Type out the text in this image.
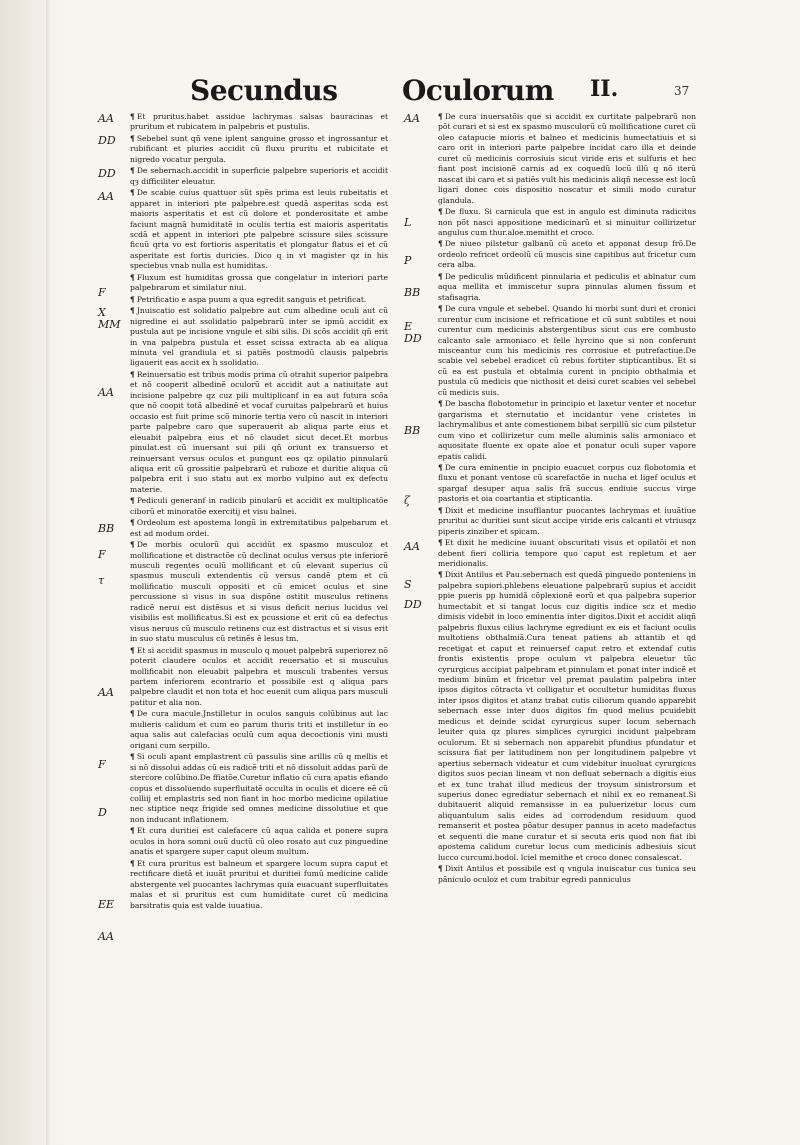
Secundus Oculorum II.	37
AA
DD
DD
AA
F
X
MM
AA
BB
F
τ
AA
F
D
EE
AA
AA
L
P
BB
E
DD
BB
ζ
AA
S
DD

¶ Et pruritus.habet assidue lachrymas salsas bauracinas et pruritum et rubicatem in palpebris et pustulis.

¶ Sebebel sunt qñ vene iplent sanguine grosso et ingrossantur et rubificant et pluries accidit cũ fluxu pruritu et rubicitate et nigredo vocatur pergula.

¶ De sebernach.accidit in superficie palpebre superioris et accidit qȝ difficiliter eleuatur.

¶ De scabie cuius quattuor sũt spẽs prima est leuis rubeitatis et apparet in interiori pte palpebre.est quedã asperitas scda est maioris asperitatis et est cũ dolore et ponderositate et ambe faciunt magnã humiditatẽ in oculis tertia est maioris asperitatis scdã et appent in interiori pte palpebre scissure siles scissure ficuũ qrta vo est fortioris asperitatis et plongatur flatus ei et cũ asperitate est fortis duricies. Dico q in vt magister qz in his speciebus vnab nulla est humiditas.

¶ Fluxum est humiditas grossa que congelatur in interiori parte palpebrarum et similatur niui.

¶ Petrificatio e aspa puum a qua egredit sanguis et petrificat.

¶ Jnuiscatio est solidatio palpebre aut cum albedine oculi aut cũ nigredine ei aut ssolidatio palpebrarũ inter se ipmũ accidit ex pustula aut pe incisione vngule et sibi silis. Di scõs accidit qñ erit in vna palpebra pustula et esset scissa extracta ab ea aliqua minuta vel grandiula et si patiẽs postmodũ clausis palpebris ligauerit eas accit ex h ssolidatio.

¶ Reinuersatio est tribus modis prima cũ otrahit superior palpebra et nõ cooperit albedinẽ oculorũ et accidit aut a natiuitate aut incisione palpebre qz cuz pili multiplicanf in ea aut futura scõa que nõ coopit totã albedinẽ et vocaf curuitas palpebrarũ et huius occasio est fuit prime scõ minorie tertia vero cũ nascit in interiori parte palpebre caro que superauerit ab aliqua parte eius et eleuabit palpebra eius et nõ claudet sicut decet.Et morbus pinulat.est cũ inuersant sui pili qñ oriunt ex transuerso et reinuersant versus oculos et pungunt eos qz opilatio pinnularũ aliqua erit cũ grossitie palpebrarũ et ruboze et duritie aliqua cũ palpebra erit i suo statu aut ex morbo vulpino aut ex defectu materie.

¶ Pediculi generanf in radicib pinularũ et accidit ex multiplicatõe ciborũ et minoratõe exercitij et visu balnei.

¶ Ordeolum est apostema longũ in extremitatibus palpebarum et est ad modum ordei.

¶ De morbis oculorũ qui accidũt ex spasmo musculoz et mollificatione et distractõe cũ declinat oculus versus pte inferiorẽ musculi regentes oculũ mollificant et cũ elevant superius cũ spasmus musculi extendentis cũ versus candẽ ptem et cũ mollificatio musculi oppositi et cũ emicet oculus et sine percussione si visus in sua dispõne ostitit musculus retinens radicẽ nerui est distẽsus et si visus deficit nerius lucidus vel visibilis est mollificatus.Si est ex pcussione et erit cũ ea defectus visus neruus cũ musculo retinens cuz est distractus et si visus erit in suo statu musculus cũ retinẽs ẽ lesus tm.

¶ Et si accidit spasmus in musculo q mouet palpebrã superiorez nõ poterit claudere oculos et accidit reuersatio et si musculus mollificabit non eleuabit palpebra et musculi trabentes versus partem inferiorem econtrario et possibile est q aliqua pars palpebre claudit et non tota et hoc euenit cum aliqua pars musculi patitur et alia non.

¶ De cura macule.Jnstilletur in oculos sanguis colũbinus aut lac mulieris calidum et cum eo parum thuris triti et instilletur in eo aqua salis aut calefacias oculũ cum aqua decoctionis vini musti origani cum serpillo.

¶ Si oculi apant emplastrent cũ passulis sine arillis cũ q mellis et si nõ dissolui addas cũ eis radicẽ triti et nõ dissoluit addas parũ de stercore colũbino.De ffiatõe.Curetur inflatio cũ cura apatis efiando copus et dissoluendo superfluitatẽ occulta in oculis et dicere eẽ cũ colliij et emplastris sed non fiant in hoc morbo medicine opilatiue nec stiptice neqz frigide sed omnes medicine dissolutiue et que non inducant inflationem.

¶ Et cura duritiei est calefacere cũ aqua calida et ponere supra oculos in hora somni ouũ ductũ cũ oleo rosato aut cuz pinguedine anatis et spargere super caput oleum multum.

¶ Et cura pruritus est balneum et spargere locum supra caput et rectificare dietã et iuuãt pruritui et duritiei fumũ medicine calide abstergente vel puocantes lachrymas quia euacuant superfluitates malas et si pruritus est cum humiditate curet cũ medicina barsitratis quia est valde iuuatiua.

¶ De cura inuersatõis que si accidit ex curtitate palpebrarũ non põt curari et si est ex spasmo musculorũ cũ mollificatione curet cũ oleo catapucie mioris et balneo et medicinis humectatiuis et si caro orit in interiori parte palpebre incidat caro illa et deinde curet cũ medicinis corrosiuis sicut viride eris et sulfuris et hec fiant post incisionẽ carnis ad ex coquedũ locũ illũ q nõ iterũ nascat ibi caro et si patiẽs vult his medicinis aliqñ necesse est locũ ligari donec cois dispositio noscatur et simili modo curatur glandula.

¶ De fluxu. Si carnicula que est in angulo est diminuta radicitus non põt nasci appositione medicinarũ et si minuitur collirizetur angulus cum thur.aloe.memitht et croco.

¶ De niueo pilstetur galbanũ cũ aceto et apponat desup frõ.De ordeolo refricet ordeolũ cũ muscis sine capitibus aut fricetur cum cera alba.

¶ De pediculis mũdificent pinnularia et pediculis et ablnatur cum aqua mellita et immiscetur supra pinnulas alumen fissum et stafisagria.

¶ De cura vngule et sebebel. Quando hi morbi sunt duri et cronici curentur cum incisione et refricatione et cũ sunt subtiles et noui curentur cum medicinis abstergentibus sicut cus ere combusto calcanto sale armoniaco et felle hyrcino que si non conferunt misceantur cum his medicinis res corrosiue et putrefactiue.De scabie vel sebebel eradicet cũ rebus fortiter stipticantibus. Et si cũ ea est pustula et obtalmia curent in pncipio obthalmia et pustula cũ medicis que nicthosit et deisi curet scabies vel sebebel cũ medicis suis.

¶ De bascha flobotometur in principio et laxetur venter et nocetur gargarisma et sternutatio et incidantur vene cristetes in lachrymalibus et ante comestionem bibat serpillũ sic cum pilstetur cum vino et collirizetur cum melle aluminis salis armoniaco et aquositate fluente ex opate aloe et ponatur oculi super vapore epatis calidi.

¶ De cura eminentie in pncipio euacuet corpus cuz flobotomia et fluxu et ponant ventose cũ scarefactõe in nucha et ligef oculus et spargaf desuper aqua salis frã succus endiuie succus virge pastoris et oia coartantia et stipticantia.

¶ Dixit et medicine insufflantur puocantes lachrymas et iuuãtiue pruritui ac duritiei sunt sicut accipe viride eris calcanti et vtriusqz piperis zinziber et spicam.

¶ Et dixit he medicine iuuant obscuritati visus et opilatõi et non debent fieri colliria tempore quo caput est repletum et aer meridionalis.

¶ Dixit Antilus et Pau.sebernach est quedã pinguedo ponteniens in palpebra supiori.phlebens eleuatione palpebrarũ supius et accidit ppie pueris pp humidã cõplexionẽ eorũ et qua palpebra superior humectabit et si tangat locus cuz digitis indice scz et medio dimisis videbit in loco eminentia inter digitos.Dixit et accidit aliqñ palpebris fluxus cilius lachryme egrediunt ex eis et faciunt oculis multotiens obthalmiã.Cura teneat patiens ab attantib et qd recetigat et caput et reinuersef caput retro et extendaf cutis frontis existentis prope oculum vt palpebra eleuetur tũc cyrurgicus accipiat palpebram et pinnulam et ponat inter indicẽ et medium binũm et fricetur vel premat paulatim palpebra inter ipsos digitos cõtracta vt colligatur et occultetur humiditas fluxus inter ipsos digitos et atanz trabat cutis ciliorum quando apparebit sebernach esse inter duos digitos fm quod melius pcuidebit medicus et deinde scidat cyrurgicus super locum sebernach leuiter quia qz plures simplices cyrurgici incidunt palpebram oculorum. Et si sebernach non apparebit pfundius pfundatur et scissura fiat per latitudinem non per longitudinem palpebre vt apertius sebernach videatur et cum videbitur inuoluat cyrurgicus digitos suos pecian lineam vt non defluat sebernach a digitis eius et ex tunc trahat illud medicus der troysum sinistrorsum et superius donec egrediatur sebernach et nihil ex eo remaneat.Si dubitauerit aliquid remansisse in ea puluerizetur locus cum aliquantulum salis eides ad corrodendum residuum quod remanserit et postea põatur desuper pannus in aceto madefactus et sequenti die mane curatur et si secuta eris quod non fiat ibi apostema calidum curetur locus cum medicinis adbesiuis sicut lucco curcumi.bodol. lciel memithe et croco donec consalescat.

¶ Dixit Antilus et possibile est q vngula inuiscatur cus tunica seu pãniculo oculoz et cum trabitur egredi panniculus
